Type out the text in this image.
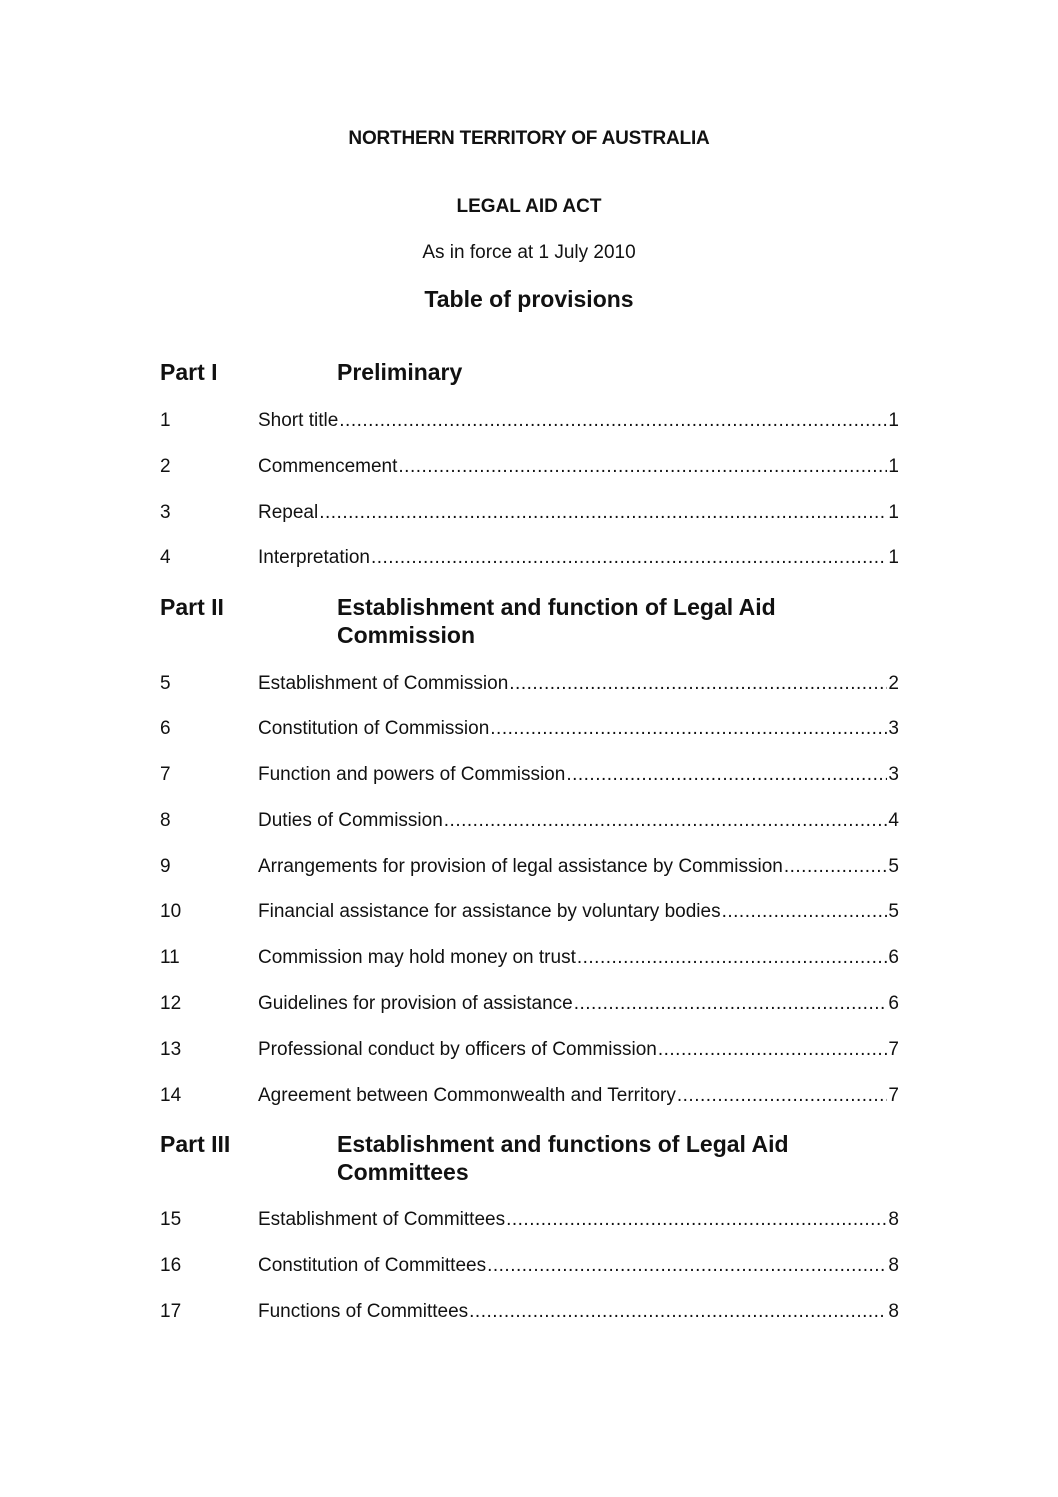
NORTHERN TERRITORY OF AUSTRALIA
LEGAL AID ACT
As in force at 1 July 2010
Table of provisions
Part I	Preliminary
1	Short title .....	1
2	Commencement .....	1
3	Repeal .....	1
4	Interpretation .....	1
Part II	Establishment and function of Legal Aid Commission
5	Establishment of Commission .....	2
6	Constitution of Commission .....	3
7	Function and powers of Commission .....	3
8	Duties of Commission .....	4
9	Arrangements for provision of legal assistance by Commission .....	5
10	Financial assistance for assistance by voluntary bodies .....	5
11	Commission may hold money on trust .....	6
12	Guidelines for provision of assistance .....	6
13	Professional conduct by officers of Commission .....	7
14	Agreement between Commonwealth and Territory .....	7
Part III	Establishment and functions of Legal Aid Committees
15	Establishment of Committees .....	8
16	Constitution of Committees .....	8
17	Functions of Committees .....	8
